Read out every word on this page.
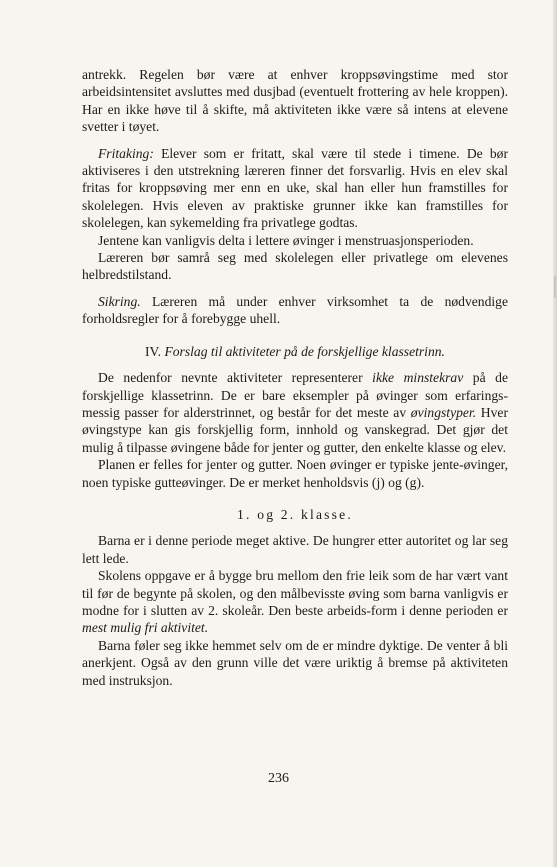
antrekk. Regelen bør være at enhver kroppsøvingstime med stor arbeidsintensitet avsluttes med dusjbad (eventuelt frottering av hele kroppen). Har en ikke høve til å skifte, må aktiviteten ikke være så intens at elevene svetter i tøyet.

Fritaking: Elever som er fritatt, skal være til stede i timene. De bør aktiviseres i den utstrekning læreren finner det forsvarlig. Hvis en elev skal fritas for kroppsøving mer enn en uke, skal han eller hun framstilles for skolelegen. Hvis eleven av praktiske grunner ikke kan framstilles for skolelegen, kan sykemelding fra privatlege godtas.

Jentene kan vanligvis delta i lettere øvinger i menstruasjonsperioden.

Læreren bør samrå seg med skolelegen eller privatlege om elevenes helbredstilstand.

Sikring. Læreren må under enhver virksomhet ta de nødvendige forholdsregler for å forebygge uhell.

IV. Forslag til aktiviteter på de forskjellige klassetrinn.

De nedenfor nevnte aktiviteter representerer ikke minstekrav på de forskjellige klassetrinn. De er bare eksempler på øvinger som erfarings-messig passer for alderstrinnet, og består for det meste av øvingstyper. Hver øvingstype kan gis forskjellig form, innhold og vanskegrad. Det gjør det mulig å tilpasse øvingene både for jenter og gutter, den enkelte klasse og elev.

Planen er felles for jenter og gutter. Noen øvinger er typiske jente-øvinger, noen typiske gutteøvinger. De er merket henholdsvis (j) og (g).

1. og 2. klasse.

Barna er i denne periode meget aktive. De hungrer etter autoritet og lar seg lett lede.

Skolens oppgave er å bygge bru mellom den frie leik som de har vært vant til før de begynte på skolen, og den målbevisste øving som barna vanligvis er modne for i slutten av 2. skoleår. Den beste arbeids-form i denne perioden er mest mulig fri aktivitet.

Barna føler seg ikke hemmet selv om de er mindre dyktige. De venter å bli anerkjent. Også av den grunn ville det være uriktig å bremse på aktiviteten med instruksjon.

236
